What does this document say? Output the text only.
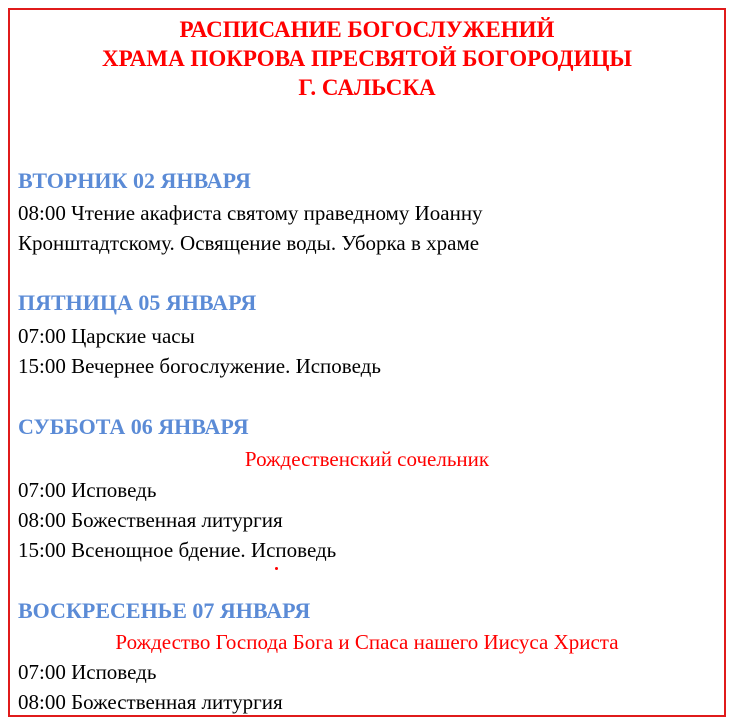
РАСПИСАНИЕ БОГОСЛУЖЕНИЙ
ХРАМА ПОКРОВА ПРЕСВЯТОЙ БОГОРОДИЦЫ
Г. САЛЬСКА
ВТОРНИК 02 ЯНВАРЯ
08:00 Чтение акафиста святому праведному Иоанну
Кронштадтскому. Освящение воды. Уборка в храме
ПЯТНИЦА 05 ЯНВАРЯ
07:00 Царские часы
15:00 Вечернее богослужение. Исповедь
СУББОТА 06 ЯНВАРЯ
Рождественский сочельник
07:00 Исповедь
08:00 Божественная литургия
15:00 Всенощное бдение. Исповедь
ВОСКРЕСЕНЬЕ 07 ЯНВАРЯ
Рождество Господа Бога и Спаса нашего Иисуса Христа
07:00 Исповедь
08:00 Божественная литургия
